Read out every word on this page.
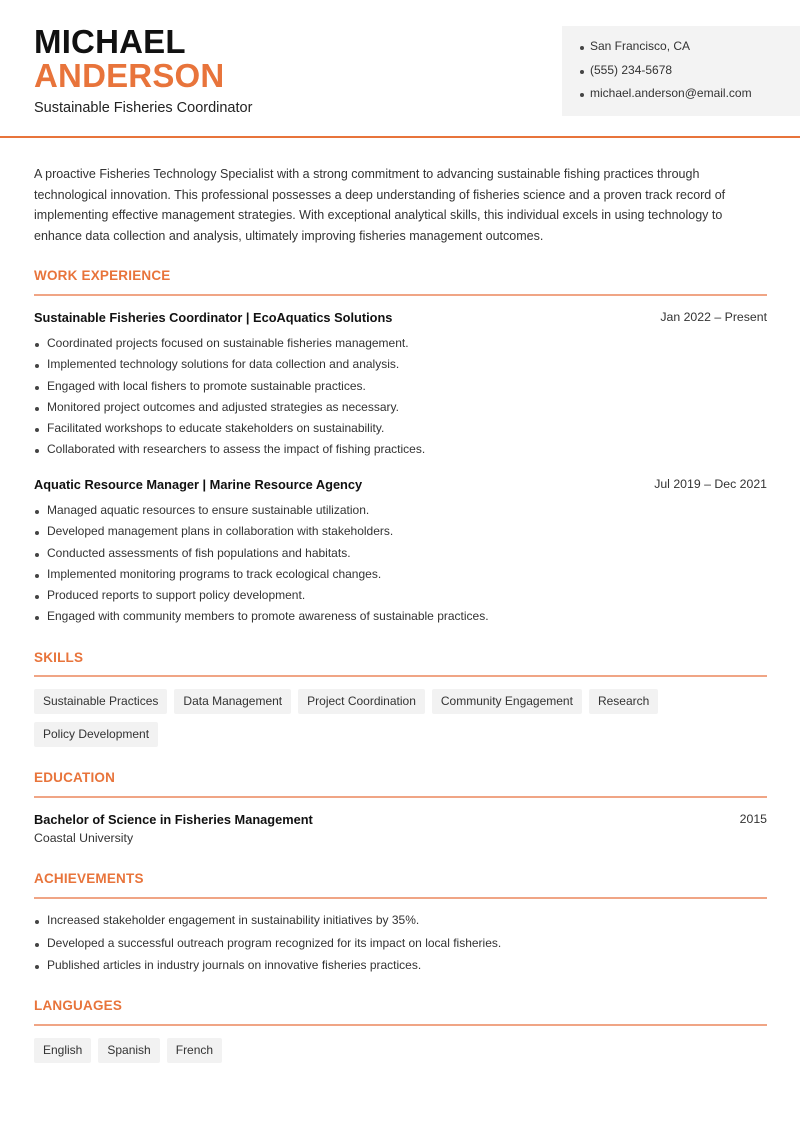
MICHAEL
ANDERSON
Sustainable Fisheries Coordinator
San Francisco, CA
(555) 234-5678
michael.anderson@email.com

A proactive Fisheries Technology Specialist with a strong commitment to advancing sustainable fishing practices through technological innovation. This professional possesses a deep understanding of fisheries science and a proven track record of implementing effective management strategies. With exceptional analytical skills, this individual excels in using technology to enhance data collection and analysis, ultimately improving fisheries management outcomes.

WORK EXPERIENCE
Sustainable Fisheries Coordinator | EcoAquatics Solutions	Jan 2022 – Present
Coordinated projects focused on sustainable fisheries management.
Implemented technology solutions for data collection and analysis.
Engaged with local fishers to promote sustainable practices.
Monitored project outcomes and adjusted strategies as necessary.
Facilitated workshops to educate stakeholders on sustainability.
Collaborated with researchers to assess the impact of fishing practices.
Aquatic Resource Manager | Marine Resource Agency	Jul 2019 – Dec 2021
Managed aquatic resources to ensure sustainable utilization.
Developed management plans in collaboration with stakeholders.
Conducted assessments of fish populations and habitats.
Implemented monitoring programs to track ecological changes.
Produced reports to support policy development.
Engaged with community members to promote awareness of sustainable practices.
SKILLS
Sustainable Practices	Data Management	Project Coordination	Community Engagement	Research
Policy Development
EDUCATION
Bachelor of Science in Fisheries Management	2015
Coastal University
ACHIEVEMENTS
Increased stakeholder engagement in sustainability initiatives by 35%.
Developed a successful outreach program recognized for its impact on local fisheries.
Published articles in industry journals on innovative fisheries practices.
LANGUAGES
English	Spanish	French
